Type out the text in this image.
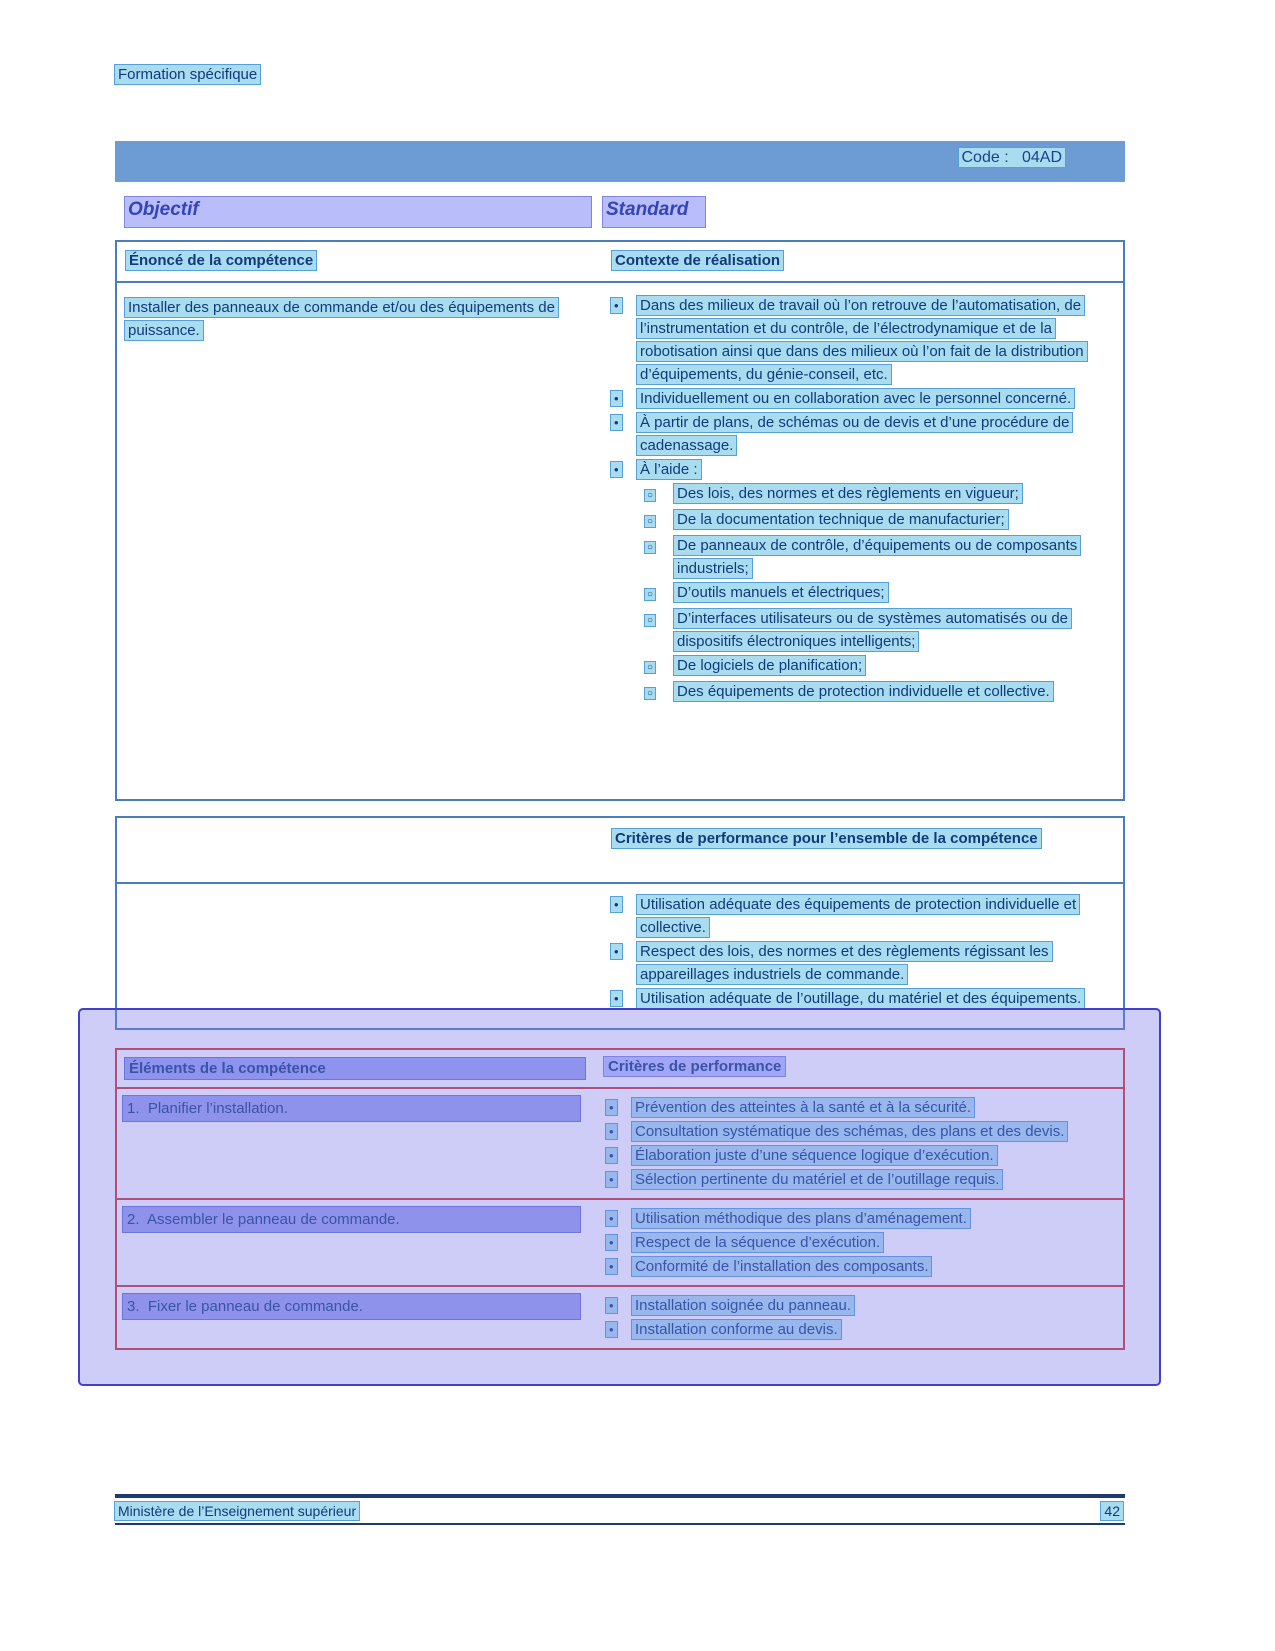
Formation spécifique
Code :   04AD
Objectif	Standard
Énoncé de la compétence	Contexte de réalisation
Installer des panneaux de commande et/ou des équipements de puissance.
•	Dans des milieux de travail où l’on retrouve de l’automatisation, de l’instrumentation et du contrôle, de l’électrodynamique et de la robotisation ainsi que dans des milieux où l’on fait de la distribution d’équipements, du génie-conseil, etc.
•	Individuellement ou en collaboration avec le personnel concerné.
•	À partir de plans, de schémas ou de devis et d’une procédure de cadenassage.
•	À l’aide :
○	Des lois, des normes et des règlements en vigueur;
○	De la documentation technique de manufacturier;
○	De panneaux de contrôle, d’équipements ou de composants industriels;
○	D’outils manuels et électriques;
○	D’interfaces utilisateurs ou de systèmes automatisés ou de dispositifs électroniques intelligents;
○	De logiciels de planification;
○	Des équipements de protection individuelle et collective.
Critères de performance pour l’ensemble de la compétence
•	Utilisation adéquate des équipements de protection individuelle et collective.
•	Respect des lois, des normes et des règlements régissant les appareillages industriels de commande.
•	Utilisation adéquate de l’outillage, du matériel et des équipements.
Éléments de la compétence	Critères de performance
1.  Planifier l’installation.	•	Prévention des atteintes à la santé et à la sécurité.
•	Consultation systématique des schémas, des plans et des devis.
•	Élaboration juste d’une séquence logique d’exécution.
•	Sélection pertinente du matériel et de l’outillage requis.
2.  Assembler le panneau de commande.	•	Utilisation méthodique des plans d’aménagement.
•	Respect de la séquence d’exécution.
•	Conformité de l’installation des composants.
3.  Fixer le panneau de commande.	•	Installation soignée du panneau.
•	Installation conforme au devis.
Ministère de l’Enseignement supérieur	42
